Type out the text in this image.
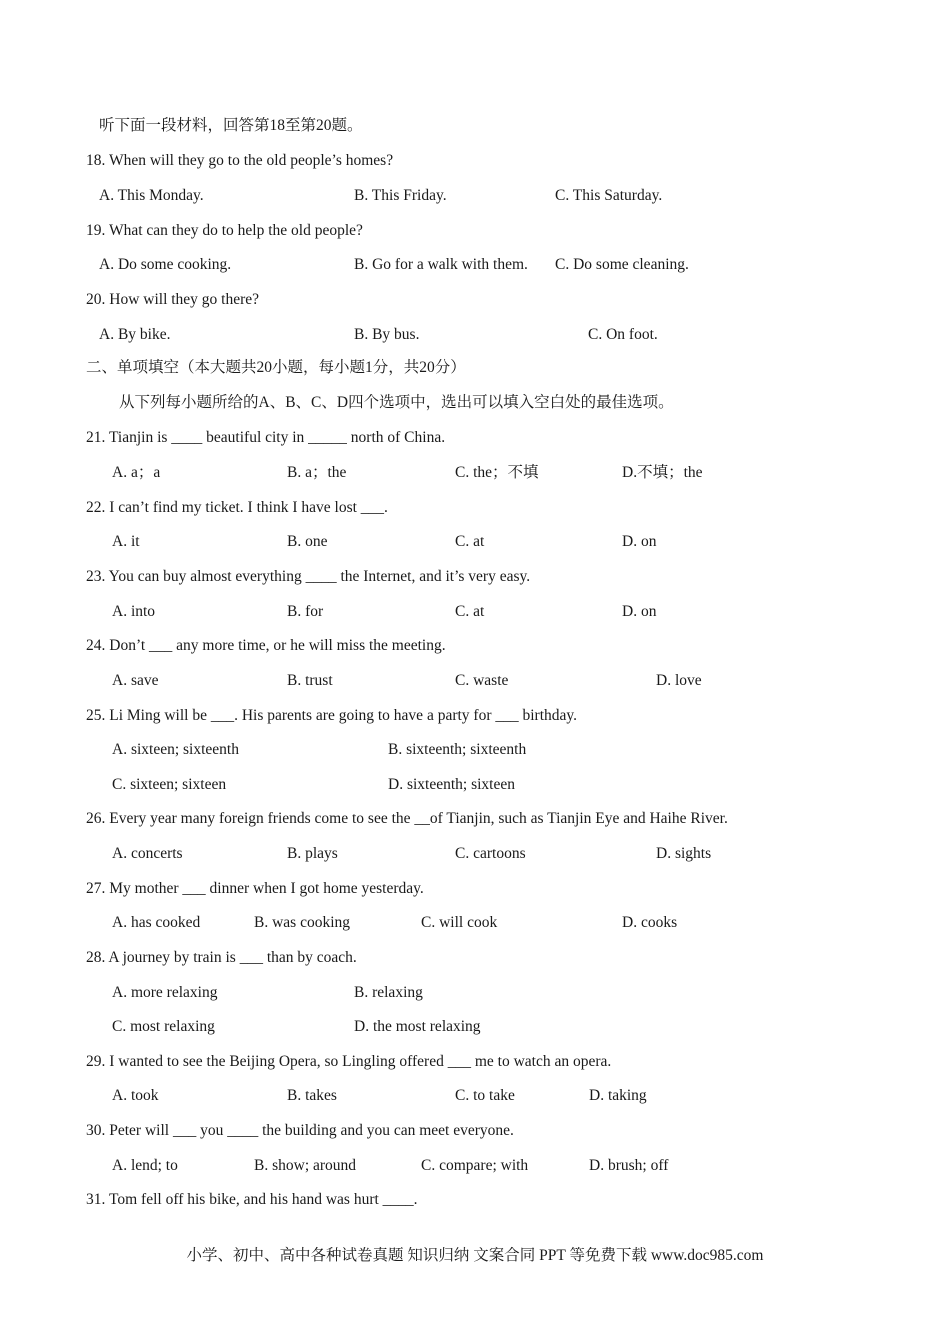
听下面一段材料，回答第18至第20题。
18. When will they go to the old people’s homes?
A. This Monday.	B. This Friday.	C. This Saturday.
19. What can they do to help the old people?
A. Do some cooking.	B. Go for a walk with them. C. Do some cleaning.
20. How will they go there?
A. By bike.	B. By bus.	C. On foot.
二、单项填空（本大题共20小题，每小题1分，共20分）
从下列每小题所给的A、B、C、D四个选项中，选出可以填入空白处的最佳选项。
21. Tianjin is ____ beautiful city in _____ north of China.
A. a；a	B. a；the	C. the；不填	D.不填；the
22. I can’t find my ticket. I think I have lost ___.
A. it	B. one	C. at	D. on
23. You can buy almost everything ____ the Internet, and it’s very easy.
A. into	B. for	C. at	D. on
24. Don’t ___ any more time, or he will miss the meeting.
A. save	B. trust	C. waste	D. love
25. Li Ming will be ___. His parents are going to have a party for ___ birthday.
A. sixteen; sixteenth	B. sixteenth; sixteenth
C. sixteen; sixteen	D. sixteenth; sixteen
26. Every year many foreign friends come to see the __of Tianjin, such as Tianjin Eye and Haihe River.
A. concerts	B. plays	C. cartoons	D. sights
27. My mother ___ dinner when I got home yesterday.
A. has cooked	B. was cooking	C. will cook	D. cooks
28. A journey by train is ___ than by coach.
A. more relaxing	B. relaxing
C. most relaxing	D. the most relaxing
29. I wanted to see the Beijing Opera, so Lingling offered ___ me to watch an opera.
A. took	B. takes	C. to take	D. taking
30. Peter will ___ you ____ the building and you can meet everyone.
A. lend; to	B. show; around	C. compare; with	D. brush; off
31. Tom fell off his bike, and his hand was hurt ____.
小学、初中、高中各种试卷真题 知识归纳 文案合同 PPT 等免费下载 www.doc985.com
